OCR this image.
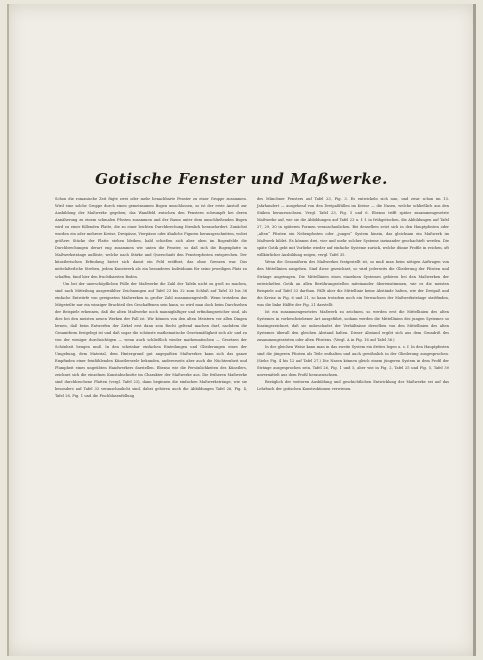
Gotische Fenster und Maßwerke.

Schon die romanische Zeit fügte zwei oder mehr benachbarte Fenster zu einer Gruppe zusammen. Wird eine solche Gruppe durch einen gemeinsamen Bogen umschlossen, so ist der erste Anstoß zur Ausbildung der Maßwerke gegeben; das Wandfeld zwischen den Fenstern schrumpft bei deren Annäherung zu einem schmalen Pfosten zusammen und der Raum unter dem umschließenden Bogen wird zu einer füllenden Platte, die zu einer leichten Durchbrechung förmlich herausfordert. Zunächst wurden ein oder mehrere Kreise, Dreipässe, Vierpässe oder ähnliche Figuren herausgeschnitten, wobei größere Stücke der Platte stehen bleiben, bald schießen sich aber oben im Bogenfelde die Durchbrechungen derart eng zusammen wie unten die Fenster, so daß sich die Bogenplatte in Maßwerkstränge auflöste, welche nach Stärke und Querschnitt den Fensterpfosten entsprechen. Der künstlerischen Erfindung bietet sich damit ein Feld eröffnet, das ohne Grenzen war. Das mittelalterliche Streben, jedem Kunstwerk als ein besonderes Individuum für seine jeweiligen Platz zu schaffen, fand hier den fruchtbarsten Boden.

Um bei der unerschöpflichen Fülle der Maßwerke die Zahl der Tafeln nicht zu groß zu machen, sind nach Mitteilung ausgewählter Zeichnungen auf Tafel 23 bis 32 zum Schluß auf Tafel 33 bis 36 einfache Entwürfe von geeigneten Maßwerken in großer Zahl zusammengestellt. Wenn trotzdem das Mitgeteilte nur ein winziger Bruchteil des Geschaffenen sein kann, so wird man doch beim Durchsehen der Beispiele erkennen, daß die alten Maßwerke noch mannigfaltiger und erfindungsreicher sind, als dies bei den meisten neuen Werken der Fall ist. Wir können von den alten Meistern vor allen Dingen lernen, daß beim Entwerfen der Zirkel erst dann sein Recht geltend machen darf, nachdem die Gesamtform festgelegt ist und daß sogar die schönste mathematische Gesetzmäßigkeit sich ab- und zu von der weniger durchsichtigen — wenn auch schließlich wieder mathematischen — Gesetzen der Schönheit beugen muß. In den scheinbar einfachen Einteilungen und Gliederungen eines der Umgebung, dem Material, dem Hintergrund gut angepaßten Maßwerkes kann sich das ganze Empfinden einer feinfühlenden Künstlerseele bekunden, andererseits aber auch die Nüchternheit und Plumpheit eines ungeübten Handwerkers darstellen. Ebenso wie die Persönlichkeiten des Künstlers, zeichnet sich die einzelnen Kunstabschnitte im Charakter der Maßwerke aus. Die früheren Maßwerke sind durchbrochene Platten (vergl. Tafel 23), dann beginnen die einfachen Maßwerkstränge, wie sie besonders auf Tafel 33 veranschaulicht sind, dabei gehören auch die Abbildungen Tafel 26, Fig. 4, Tafel 28, Fig. 1 und die Fischblasenfüllung

des Münchner Fensters auf Tafel 23, Fig. 3. Es entwickeln sich nun, und zwar schon im 13. Jahrhundert — ausgehend von den Dreipaßfüllen im Kreise — die Nasen, welche schließlich aus den Stäben herauswachsen. Vergl. Tafel 23, Fig. 5 und 6. Ebenso trifft später zusammengesetzte Maßwerke auf, wie sie die Abbildungen auf Tafel 23 u. f. f. in frühgotischen, die Abbildungen auf Tafel 27, 29, 30 in späteren Formen veranschaulichen. Bei denselben setzt sich in den Hauptpfosten oder „alten“ Pfosten ein Nebenpfosten oder „junges“ System hinein, das gleichsam ein Maßwerk im Maßwerk bildet. Es können drei, vier und mehr solcher Systeme ineinander geschachtelt werden. Die späte Gotik geht mit Vorliebe wieder auf einfache Systeme zurück, welche dünne Profile in reichen, oft willkürlicher Ausbildung zeigen, vergl. Tafel 35.

Wenn die Gesamtform des Maßwerkes festgestellt ist, so muß man beim nötigen Auftragen von den Mittellinien ausgehen. Sind diese gezeichnet, so wird jederseits die Gliederung der Pfosten und Stränge angetragen. Die Mittellinien eines einzelnen Systemes gehören bei den Maßwerken der entwickelten Gotik an allen Berührungsstellen miteinander übereinstimmen, wie es die meisten Beispiele auf Tafel 33 darthun. Fällt aber die Mittellinie keine Abstände halten, wie der Dreipaß und die Kreise in Fig. 6 und 21, so kann trotzdem noch ein Verwachsen der Maßwerkstränge stattfinden, was die linke Hälfte der Fig. 21 darstellt.

Ist ein zusammengesetztes Maßwerk zu zeichnen, so werden erst die Mittellinien des alten Systemes in vorbeschriebener Art ausgeführt, sodann werden die Mittellinien des jungen Systemes so hineingezeichnet, daß sie unbeschadet der Verhältnisse derselben von den Mittellinien des alten Systemes überall den gleichen Abstand halten. Dieser Abstand ergibt sich aus dem Grundriß des zusammengesetzten oder alten Pfostens. (Vergl. A in Fig. 16 auf Tafel 36.)

In der gleichen Weise kann man in das zweite System ein drittes legen u. s. f. In den Hauptpfosten sind die jüngeren Pfosten als Teile enthalten und auch gewöhnlich in der Gliederung ausgesprochen. (Siehe Fig. 4 bis 12 auf Tafel 27.) Die Nasen können gleich einem jüngeren System in dem Profil der Stränge ausgesprochen sein, Tafel 26, Fig. 1 und 5, aber wie in Fig. 2, Tafel 25 und Fig. 5, Tafel 30 unvermittelt aus dem Profil herauswachsen.

Bezüglich der weiteren Ausbildung und geschichtlichen Entwicklung der Maßwerke sei auf das Lehrbuch der gotischen Konstruktionen verwiesen.
